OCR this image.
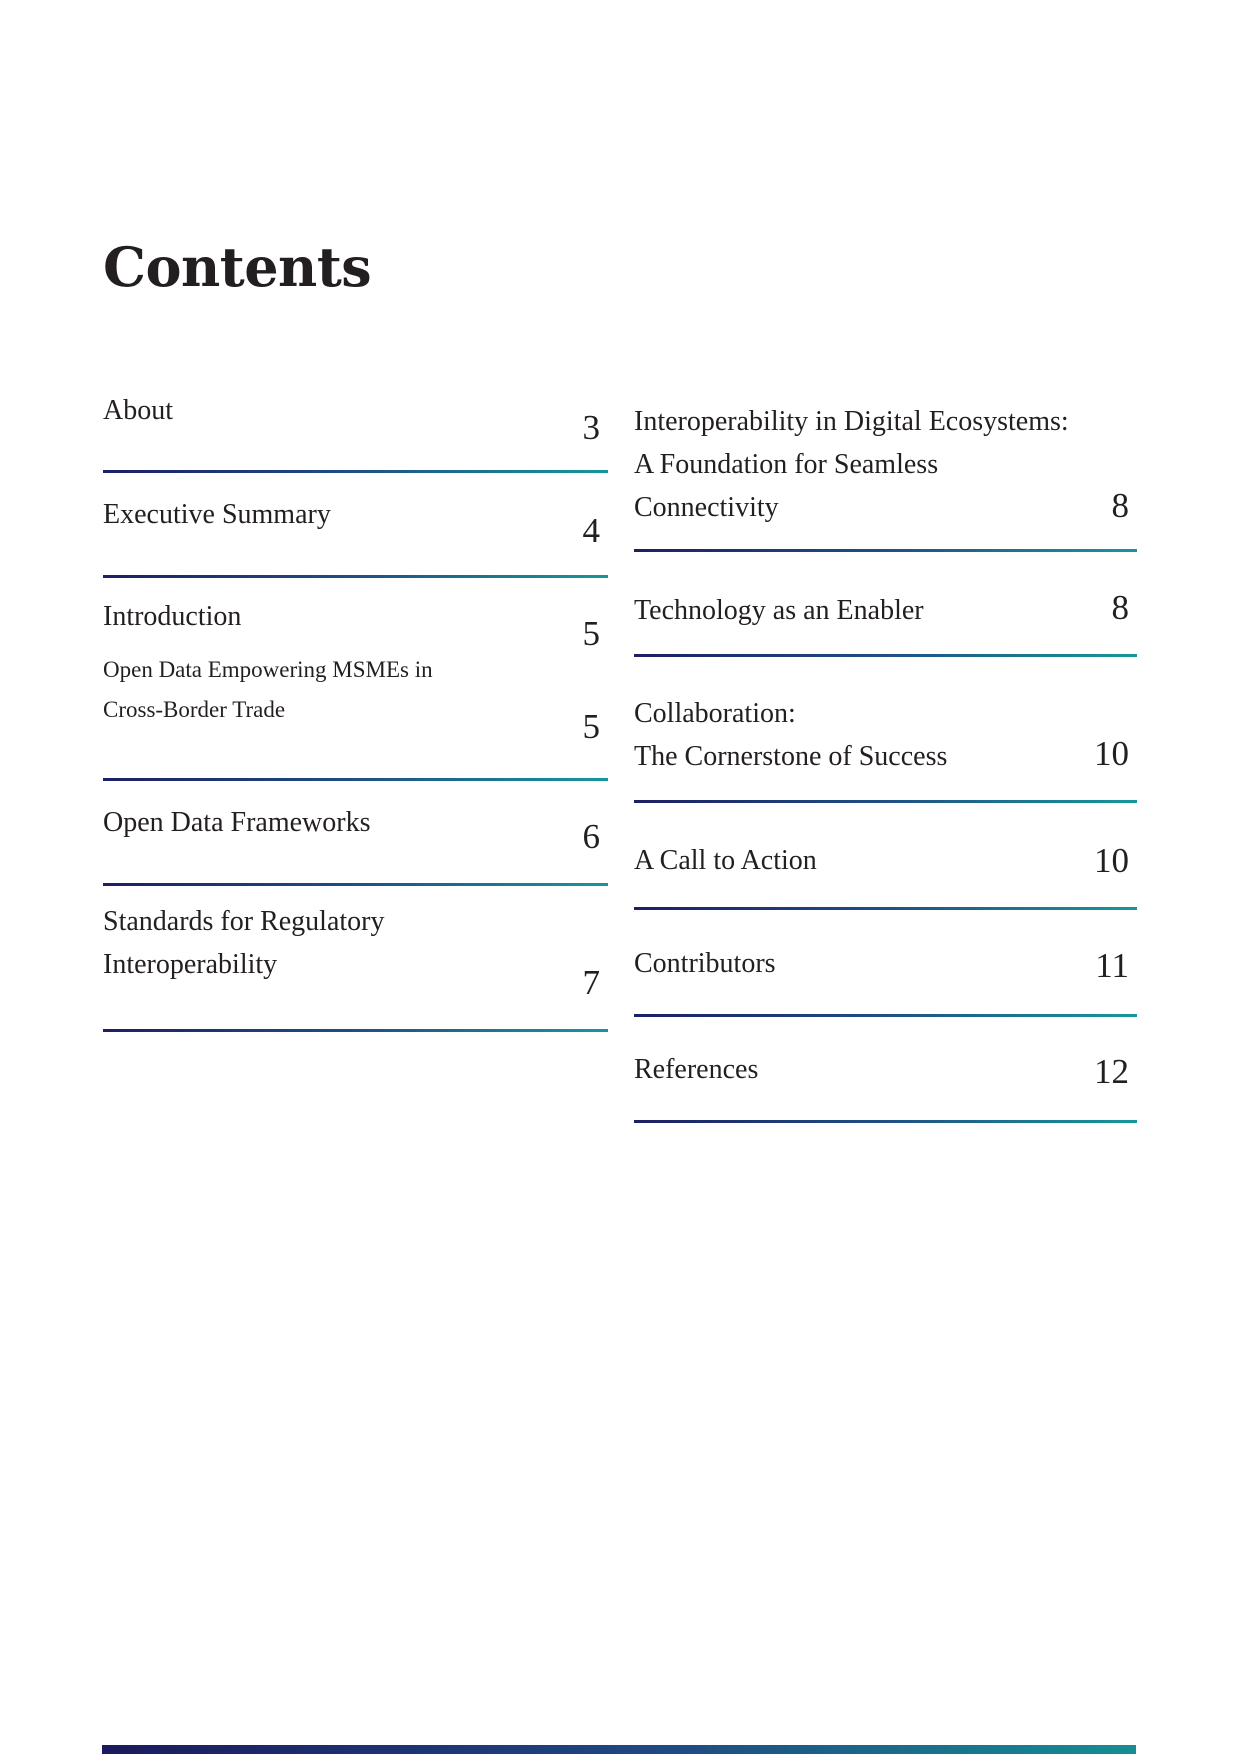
Contents
About	3
Executive Summary	4
Introduction	5
Open Data Empowering MSMEs in
Cross-Border Trade	5
Open Data Frameworks	6
Standards for Regulatory
Interoperability	7
Interoperability in Digital Ecosystems:
A Foundation for Seamless
Connectivity	8
Technology as an Enabler	8
Collaboration:
The Cornerstone of Success	10
A Call to Action	10
Contributors	11
References	12
